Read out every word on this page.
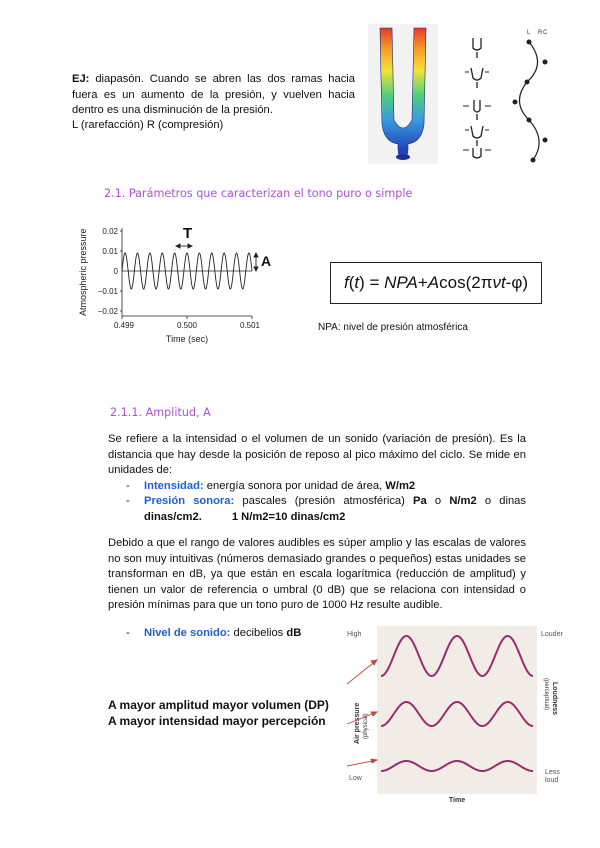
EJ: diapasón. Cuando se abren las dos ramas hacia fuera es un aumento de la presión, y vuelven hacia dentro es una disminución de la presión.
L (rarefacción) R (compresión)
L C
R
2.1. Parámetros que caracterizan el tono puro o simple
Atmospheric pressure 0.02
0.01
0
−0.01
−0.02
0.499	0.500	0.501
Time (sec)
T
A
f(t) = NPA+Acos(2πνt-φ)
NPA: nivel de presión atmosférica
2.1.1. Amplitud, A
Se refiere a la intensidad o el volumen de un sonido (variación de presión). Es la distancia que hay desde la posición de reposo al pico máximo del ciclo. Se mide en unidades de:
- Intensidad: energía sonora por unidad de área, W/m2
- Presión sonora: pascales (presión atmosférica) Pa o N/m2 o dinas
dinas/cm2.	1 N/m2=10 dinas/cm2
Debido a que el rango de valores audibles es súper amplio y las escalas de valores no son muy intuitivas (números demasiado grandes o pequeños) estas unidades se transforman en dB, ya que están en escala logarítmica (reducción de amplitud) y tienen un valor de referencia o umbral (0 dB) que se relaciona con intensidad o presión mínimas para que un tono puro de 1000 Hz resulte audible.
- Nivel de sonido: decibelios dB
A mayor amplitud mayor volumen (DP)
A mayor intensidad mayor percepción
High
Low
Louder
Less
loud
Air pressure (physical)
Loudness
(perceptual)
Time
